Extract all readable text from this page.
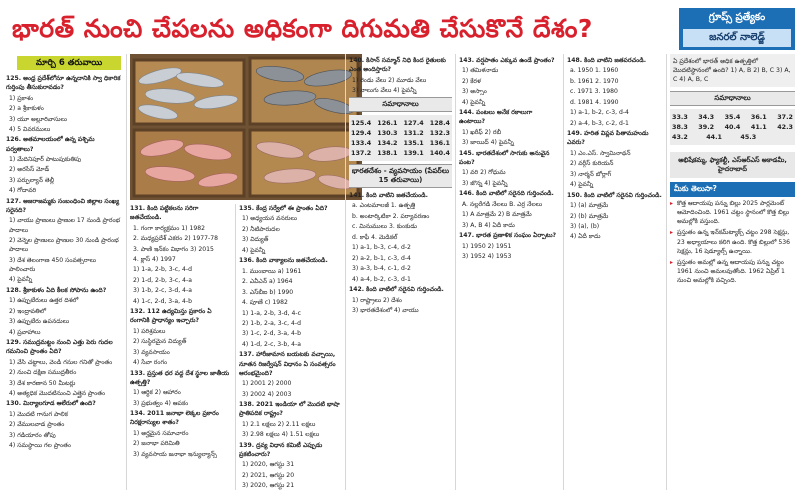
భారత్ నుంచి చేపలను అధికంగా దిగుమతి చేసుకొనే దేశం?	గ్రూప్స్ ప్రత్యేకం
జనరల్ నాలెడ్జ్
మార్చి 6 తరువాయి

125. అంధ్ర ప్రదేశ్‌లోనూ ఉన్నదానికి స్వా ధికారిక గుర్తింపు తీసుకురావడం?

1) ప్రకాశం

2) a శ్రీకాకుళం

3) యూ అల్లూరివాసులు

4) 5 వివరములు

126. అతమాలయంలో ఉన్న పశ్చిమ పర్వతాలు?

1) మేదినిపూర్ పాటుపుకుతిపు

2) అరసేస్ మోడ్

3) పర్పుల్యాన్ తెల్లీ

4) గోదావరి

127. అజరాజమ్మకు సంబంధించి జిల్లాల సంఖ్య సరైనది?

1) వాయు ప్రాణులు ప్రాణుల 17 నుండి ప్రారంభ పాదాలు

2) వెన్నెల ప్రాణులు ప్రాణుల 30 నుండి ప్రారంభ పాదాలు

3) దేశ తెలంగాణ 450 సంవత్సరాలు పాలించారు

4) పైవన్నీ

128. శ్రీకాకుళం ఏది కీలక సోపాను ఉంది?

1) ఉప్పుటేరులు ఉత్తర దిశలో

2) ఇంద్రావతిలో

3) ఉప్పుటేరు ఉపనదులు

4) ప్రవాహాలు

129. సముద్రమట్టం నుంచి ఎత్తు పెరు గుదల గమనించి ప్రాంతం ఏది?

1) వేసి చట్టాలు, వెండి గనుల గనితో ప్రాంతం

2) నుంచి దక్షిణ సముద్రతీరం

3) దేశ కారణాన 50 మీటర్లు

4) అత్యధిక మొదటినుంచి ఎత్తైన ప్రాంతం

130. మిర్యాలగూడ ఆలేరులో ఉంది?

1) మొదటి గానుగ పాలిక

2) వేములవాడ ప్రాంతం

3) గడియారం తోపు

4) సమస్థాయి గల ప్రాంతం

131. కింది పట్టికలను సరిగా జతచేయండి.

1. గంగా కార్యక్రమం 1) 1982

2. మధ్యప్రదేశ్ ఎకరం 2) 1977-78

3. పాణి ఇన్‌కం విభాగం 3) 2015

4. క్లాస్ 4) 1997

1) 1-a, 2-b, 3-c, 4-d

2) 1-d, 2-b, 3-c, 4-a

3) 1-b, 2-c, 3-d, 4-a

4) 1-c, 2-d, 3-a, 4-b

132. 112 ఉద్యమిస్తు ప్రకారం ఏ రంగానికి ప్రాధాన్యం ఇచ్చారు?

1) పరిశ్రమలు

2) సుస్థిరమైన విద్యుత్

3) వ్యవసాయం

4) సేవా రంగం

133. ప్రస్తుత ధర వద్ద దేశ స్థూల జాతీయ ఉత్పత్తి?

1) ఆర్థిక 2) ఆహారం

3) ప్రభుత్వం 4) ఆపకం

134. 2011 జనాభా లెక్కల ప్రకారం నిరక్షరాస్యుల శాతం?

1) అర్హమైన సమాచారం

2) జనాభా పరిమితి

3) వ్యవసాయ జనాభా ఇన్యుల్యాన్స్

135. కేంద్ర సర్వేలో ఈ ప్రాంతం ఏది?

1) అధ్యయన వనరులు

2) నీటిపారుదల

3) విద్యుత్

4) పైవన్నీ

136. కింది వాక్యాలను జతచేయండి.

1. ముంబాయి a) 1961

2. ఎవీఎన్‌ a) 1964

3. ఎస్‌బీఐ b) 1990

4. పూణే c) 1982

1) 1-a, 2-b, 3-d, 4-c

2) 1-b, 2-a, 3-c, 4-d

3) 1-c, 2-d, 3-a, 4-b

4) 1-d, 2-c, 3-b, 4-a

137. హారీజామాన బయటకు వచ్చాయి, నూతన రిజర్వేషన్ విధానం ఏ సంవత్సరం ఆరంభమైంది?

1) 2001 2) 2000

3) 2002 4) 2003

138. 2021 ఇండియా లో మొదటి భాషా ప్రాతిపదిక రాష్ట్రం?

1) 2.1 లక్షలు 2) 2.11 లక్షలు

3) 2.98 లక్షలు 4) 1.51 లక్షలు

139. ద్రవ్య విధాన కమిటీ ఎప్పుడు ప్రకటించారు?

1) 2020, ఆగస్టు 31

2) 2021, ఆగస్టు 20

3) 2020, ఆగస్టు 21

140. కిసాన్ సమ్మాన్ నిధి కింద రైతులకు ఎంత అందిస్తారు?

1) రెండు వేలు 2) మూడు వేలు

3) నాలుగు వేలు 4) పైవన్నీ

సమాధానాలు
125.4 126.1 127.4 128.4
129.4 130.3 131.2 132.3
133.4 134.2 135.1 136.1
137.2 138.1 139.1 140.4
భారతదేశం - వ్యవసాయం (పేపర్‌లు 15 తరువాయి)

141. కింది వాటిని జతచేయండి.

a. ఎంటమాలజీ 1. ఉత్పత్తి

b. అంటార్కిటికా 2. పర్యావరణం

c. మినుములు 3. కుంకుడు

d. కాఫీ 4. మెడికల్

1) a-1, b-3, c-4, d-2

2) a-2, b-1, c-3, d-4

3) a-3, b-4, c-1, d-2

4) a-4, b-2, c-3, d-1

142. కింది వాటిలో సరైనవి గుర్తించండి.

1) రాష్ట్రాలు 2) దేశం

3) భారతదేశంలో 4) వాయు

143. వర్షపాతం ఎక్కువ ఉండే ప్రాంతం?

1) తమిళనాడు

2) కేరళ

3) అస్సాం

4) పైవన్నీ

144. పంటలు అనేక రకాలుగా ఉంటాయి?

1) ఖరీఫ్ 2) రబీ

3) జాయిద్ 4) పైవన్నీ

145. భారతదేశంలో సాగుకు అనువైన పంట?

1) వరి 2) గోధుమ

3) జొన్న 4) పైవన్నీ

146. కింది వాటిలో సరైనది గుర్తించండి.

A. నల్లరేగడి నేలలు B. ఎర్ర నేలలు

1) A మాత్రమే 2) B మాత్రమే

3) A, B 4) ఏదీ కాదు

147. భారత ప్రణాళిక సంఘం ఏర్పాటు?

1) 1950 2) 1951

3) 1952 4) 1953

148. కింది వాటిని జతపరచండి.

a. 1950 1. 1960

b. 1961 2. 1970

c. 1971 3. 1980

d. 1981 4. 1990

1) a-1, b-2, c-3, d-4

2) a-4, b-3, c-2, d-1

149. హరిత విప్లవ పితామహుడు ఎవరు?

1) ఎం.ఎస్. స్వామినాథన్

2) వర్గీస్ కురియన్

3) నార్మన్ బోర్లాగ్

4) పైవన్నీ

150. కింది వాటిలో సరైనవి గుర్తించండి.

1) (a) మాత్రమే

2) (b) మాత్రమే

3) (a), (b)

4) ఏదీ కాదు

ఏ ప్రదేశంలో భారత్ అధిక ఉత్పత్తిలో మొదటిస్థానంలో ఉంది? 1) A, B 2) B, C 3) A, C 4) A, B, C
సమాధానాలు
33.3 34.3 35.4 36.1 37.2
38.3 39.2 40.4 41.1 42.3
43.2	44.1	45.3
అభిషేకమ్మ, ఫ్యాకల్టీ, ఎస్‌ఆర్‌ఎస్ అకాడమీ, హైదరాబాద్
మీకు తెలుసా?
▸ కొత్త ఆదాయపు పన్ను బిల్లు 2025 పార్లమెంట్ ఆమోదించింది. 1961 చట్టం స్థానంలో కొత్త బిల్లు అమల్లోకి వస్తుంది.
▸ ప్రస్తుతం ఉన్న ఇన్‌కమ్‌ట్యాక్స్ చట్టం 298 సెక్షన్లు, 23 అధ్యాయాలు కలిగి ఉంది. కొత్త బిల్లులో 536 సెక్షన్లు, 16 షెడ్యూల్స్ ఉన్నాయి.
▸ ప్రస్తుతం అమల్లో ఉన్న ఆదాయపు పన్ను చట్టం 1961 నుంచి అమలవుతోంది. 1962 ఏప్రిల్ 1 నుంచి అమల్లోకి వచ్చింది.
